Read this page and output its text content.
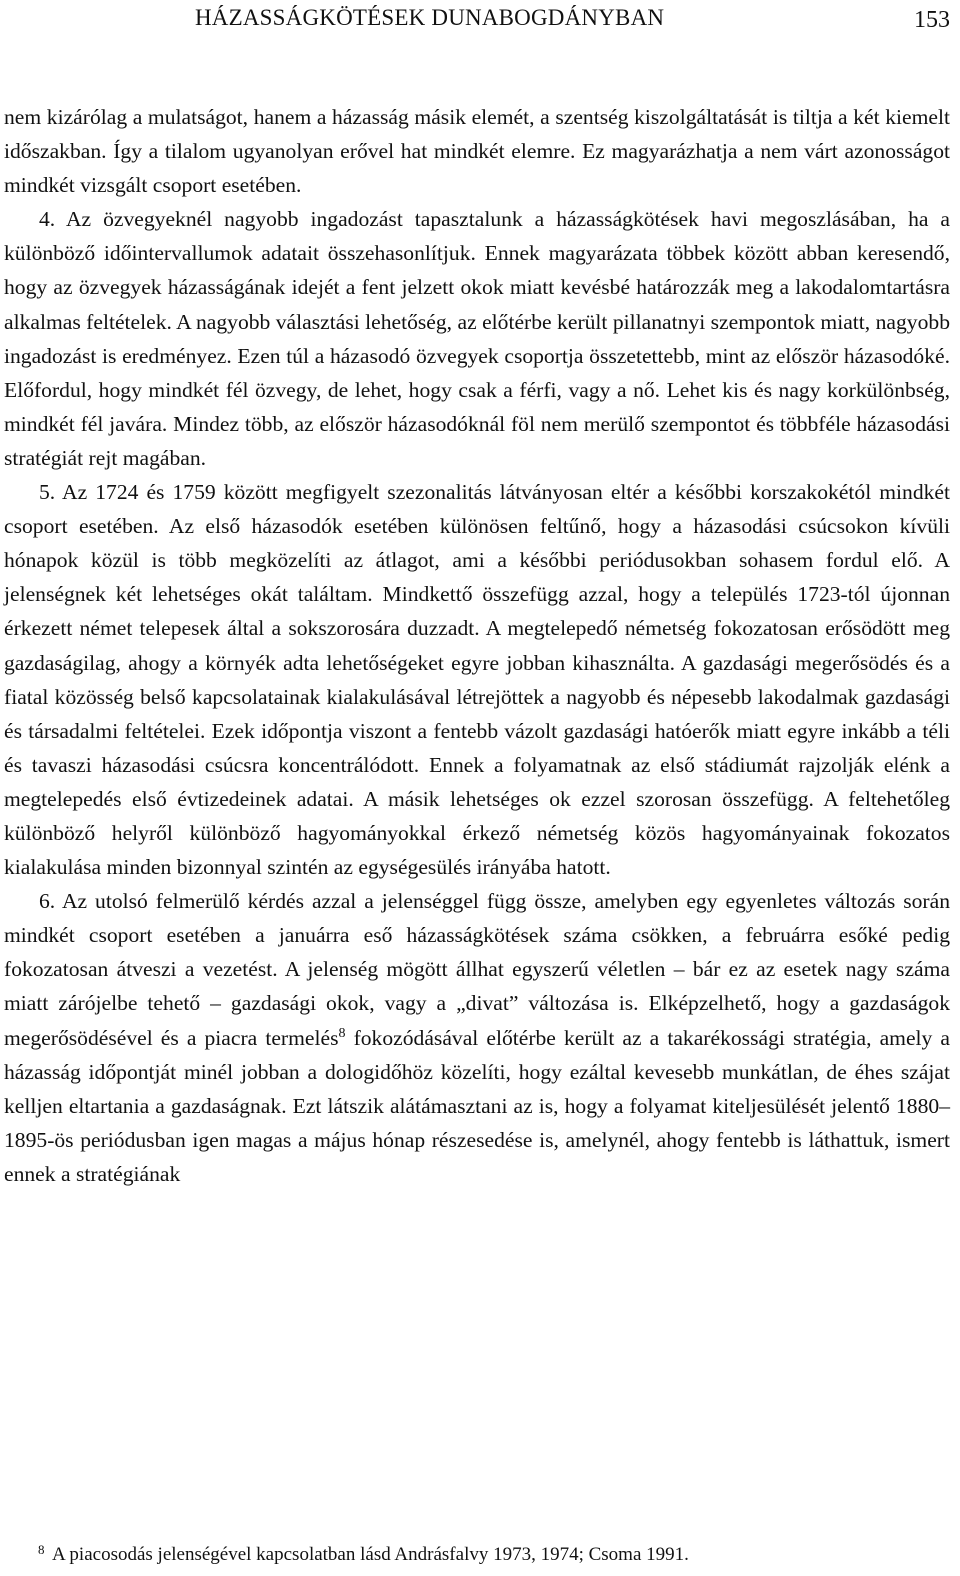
HÁZASSÁGKÖTÉSEK DUNABOGDÁNYBAN	153

nem kizárólag a mulatságot, hanem a házasság másik elemét, a szentség kiszolgáltatását is tiltja a két kiemelt időszakban. Így a tilalom ugyanolyan erővel hat mindkét elemre. Ez magyarázhatja a nem várt azonosságot mindkét vizsgált csoport esetében.

4. Az özvegyeknél nagyobb ingadozást tapasztalunk a házasságkötések havi megoszlásában, ha a különböző időintervallumok adatait összehasonlítjuk. Ennek magyarázata többek között abban keresendő, hogy az özvegyek házasságának idejét a fent jelzett okok miatt kevésbé határozzák meg a lakodalomtartásra alkalmas feltételek. A nagyobb választási lehetőség, az előtérbe került pillanatnyi szempontok miatt, nagyobb ingadozást is eredményez. Ezen túl a házasodó özvegyek csoportja összetettebb, mint az először házasodóké. Előfordul, hogy mindkét fél özvegy, de lehet, hogy csak a férfi, vagy a nő. Lehet kis és nagy korkülönbség, mindkét fél javára. Mindez több, az először házasodóknál föl nem merülő szempontot és többféle házasodási stratégiát rejt magában.

5. Az 1724 és 1759 között megfigyelt szezonalitás látványosan eltér a későbbi korszakokétól mindkét csoport esetében. Az első házasodók esetében különösen feltűnő, hogy a házasodási csúcsokon kívüli hónapok közül is több megközelíti az átlagot, ami a későbbi periódusokban sohasem fordul elő. A jelenségnek két lehetséges okát találtam. Mindkettő összefügg azzal, hogy a település 1723-tól újonnan érkezett német telepesek által a sokszorosára duzzadt. A megtelepedő németség fokozatosan erősödött meg gazdaságilag, ahogy a környék adta lehetőségeket egyre jobban kihasználta. A gazdasági megerősödés és a fiatal közösség belső kapcsolatainak kialakulásával létrejöttek a nagyobb és népesebb lakodalmak gazdasági és társadalmi feltételei. Ezek időpontja viszont a fentebb vázolt gazdasági hatóerők miatt egyre inkább a téli és tavaszi házasodási csúcsra koncentrálódott. Ennek a folyamatnak az első stádiumát rajzolják elénk a megtelepedés első évtizedeinek adatai. A másik lehetséges ok ezzel szorosan összefügg. A feltehetőleg különböző helyről különböző hagyományokkal érkező németség közös hagyományainak fokozatos kialakulása minden bizonnyal szintén az egységesülés irányába hatott.

6. Az utolsó felmerülő kérdés azzal a jelenséggel függ össze, amelyben egy egyenletes változás során mindkét csoport esetében a januárra eső házasságkötések száma csökken, a februárra esőké pedig fokozatosan átveszi a vezetést. A jelenség mögött állhat egyszerű véletlen – bár ez az esetek nagy száma miatt zárójelbe tehető – gazdasági okok, vagy a „divat” változása is. Elképzelhető, hogy a gazdaságok megerősödésével és a piacra termelés$^8$ fokozódásával előtérbe került az a takarékossági stratégia, amely a házasság időpontját minél jobban a dologidőhöz közelíti, hogy ezáltal kevesebb munkátlan, de éhes szájat kelljen eltartania a gazdaságnak. Ezt látszik alátámasztani az is, hogy a folyamat kiteljesülését jelentő 1880–1895-ös periódusban igen magas a május hónap részesedése is, amelynél, ahogy fentebb is láthattuk, ismert ennek a stratégiának

8 A piacosodás jelenségével kapcsolatban lásd Andrásfalvy 1973, 1974; Csoma 1991.
